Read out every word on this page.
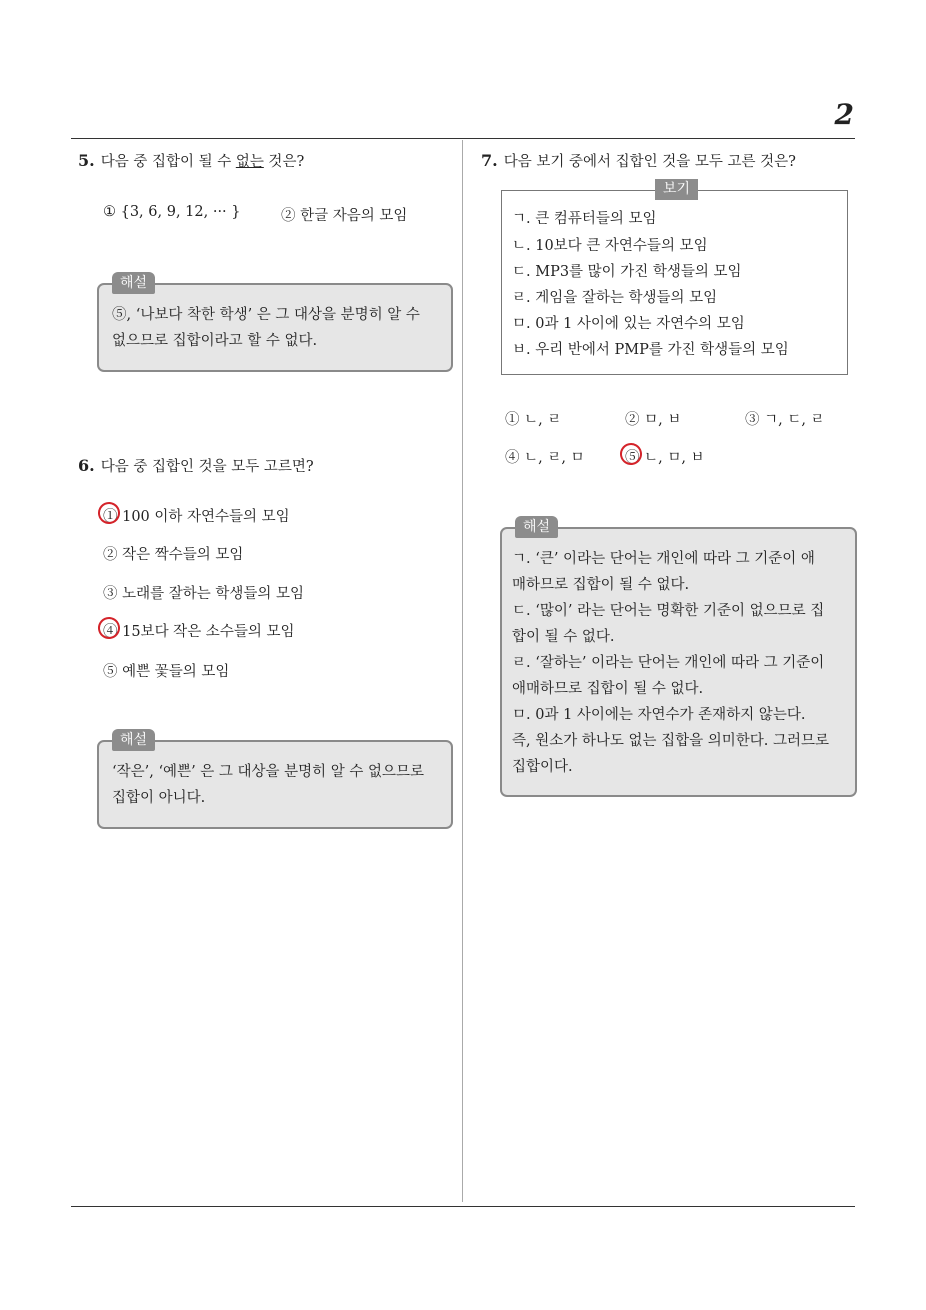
2
5. 다음 중 집합이 될 수 없는 것은?
① {3, 6, 9, 12, ··· }	② 한글 자음의 모임
⑤, ‘나보다 착한 학생’ 은 그 대상을 분명히 알 수
없으므로 집합이라고 할 수 없다.
해설
6. 다음 중 집합인 것을 모두 고르면?
① 100 이하 자연수들의 모임
② 작은 짝수들의 모임
③ 노래를 잘하는 학생들의 모임
④ 15보다 작은 소수들의 모임
⑤ 예쁜 꽃들의 모임
‘작은’, ‘예쁜’ 은 그 대상을 분명히 알 수 없으므로
집합이 아니다.
해설
7. 다음 보기 중에서 집합인 것을 모두 고른 것은?
보기
ㄱ. 큰 컴퓨터들의 모임
ㄴ. 10보다 큰 자연수들의 모임
ㄷ. MP3를 많이 가진 학생들의 모임
ㄹ. 게임을 잘하는 학생들의 모임
ㅁ. 0과 1 사이에 있는 자연수의 모임
ㅂ. 우리 반에서 PMP를 가진 학생들의 모임
① ㄴ, ㄹ	② ㅁ, ㅂ	③ ㄱ, ㄷ, ㄹ
④ ㄴ, ㄹ, ㅁ	⑤ ㄴ, ㅁ, ㅂ
ㄱ. ‘큰’ 이라는 단어는 개인에 따라 그 기준이 애
매하므로 집합이 될 수 없다.
ㄷ. ‘많이’ 라는 단어는 명확한 기준이 없으므로 집
합이 될 수 없다.
ㄹ. ‘잘하는’ 이라는 단어는 개인에 따라 그 기준이
애매하므로 집합이 될 수 없다.
ㅁ. 0과 1 사이에는 자연수가 존재하지 않는다.
즉, 원소가 하나도 없는 집합을 의미한다. 그러므로
집합이다.
해설
